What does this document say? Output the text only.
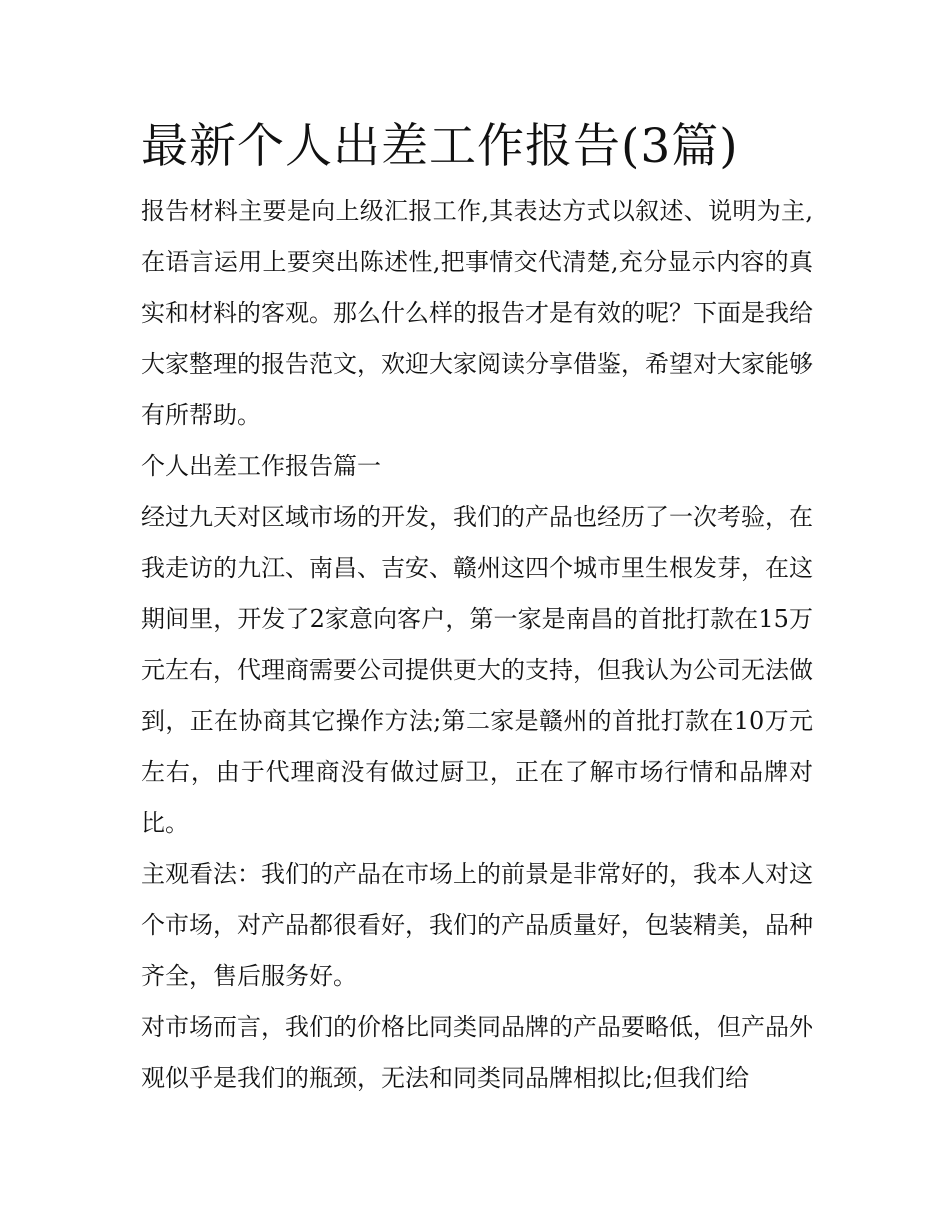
最新个人出差工作报告(3篇)

报告材料主要是向上级汇报工作,其表达方式以叙述、说明为主,在语言运用上要突出陈述性,把事情交代清楚,充分显示内容的真实和材料的客观。那么什么样的报告才是有效的呢？下面是我给大家整理的报告范文，欢迎大家阅读分享借鉴，希望对大家能够有所帮助。

个人出差工作报告篇一

经过九天对区域市场的开发，我们的产品也经历了一次考验，在我走访的九江、南昌、吉安、赣州这四个城市里生根发芽，在这期间里，开发了2家意向客户，第一家是南昌的首批打款在15万元左右，代理商需要公司提供更大的支持，但我认为公司无法做到，正在协商其它操作方法;第二家是赣州的首批打款在10万元左右，由于代理商没有做过厨卫，正在了解市场行情和品牌对比。

主观看法：我们的产品在市场上的前景是非常好的，我本人对这个市场，对产品都很看好，我们的产品质量好，包装精美，品种齐全，售后服务好。

对市场而言，我们的价格比同类同品牌的产品要略低，但产品外观似乎是我们的瓶颈，无法和同类同品牌相拟比;但我们给
